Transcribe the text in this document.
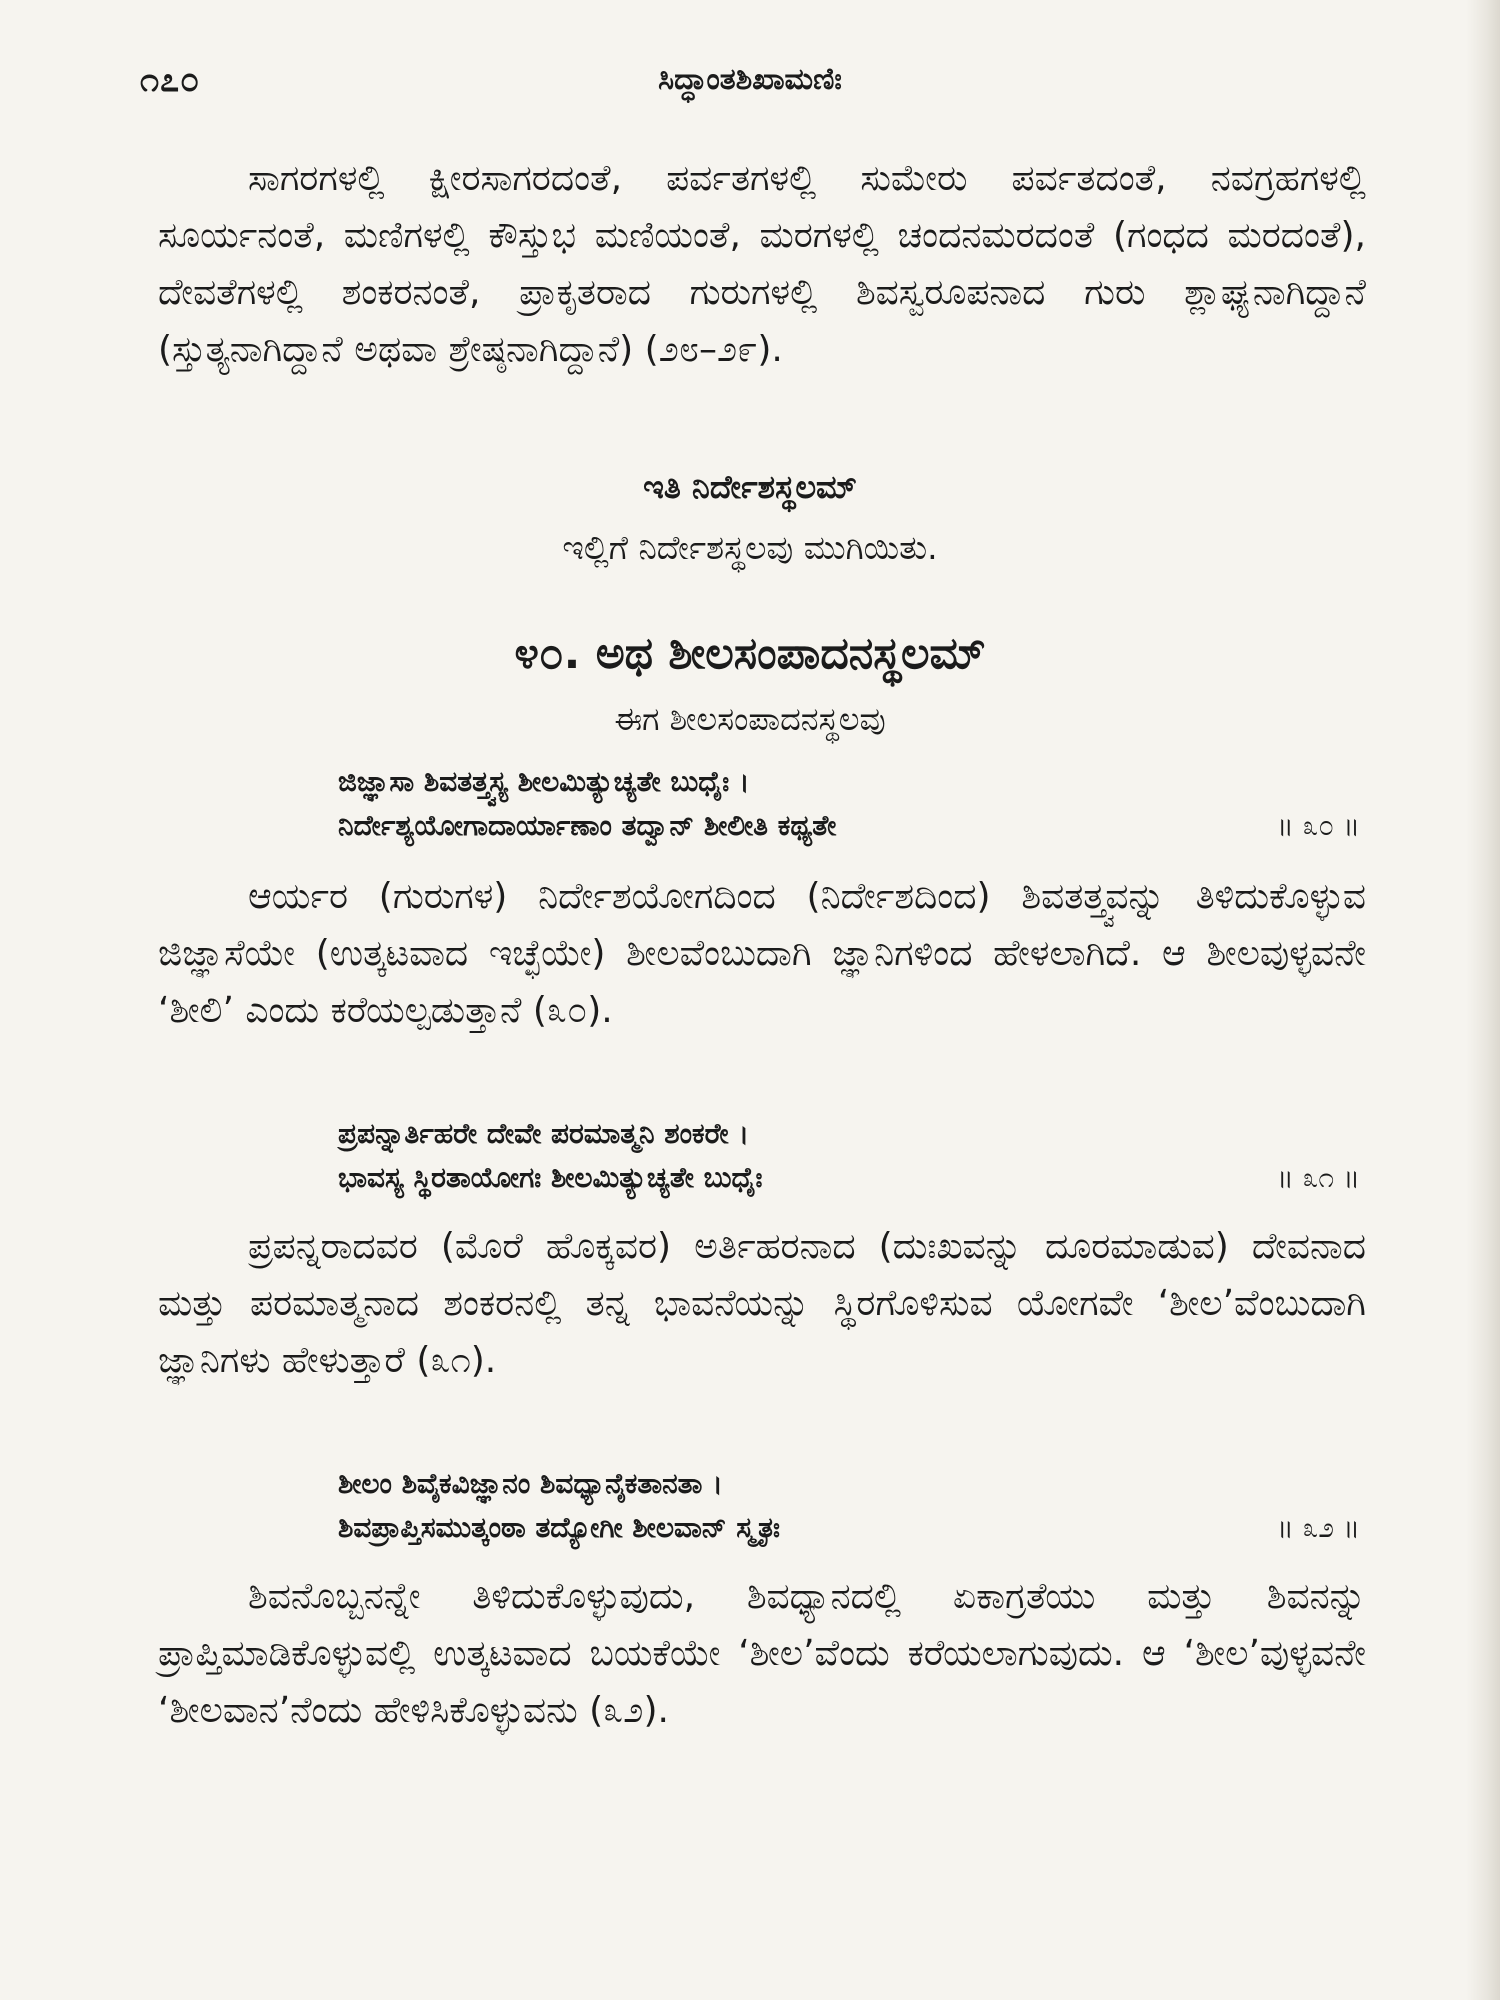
೧೭೦	ಸಿದ್ಧಾಂತಶಿಖಾಮಣಿಃ

ಸಾಗರಗಳಲ್ಲಿ ಕ್ಷೀರಸಾಗರದಂತೆ, ಪರ್ವತಗಳಲ್ಲಿ ಸುಮೇರು ಪರ್ವತದಂತೆ, ನವಗ್ರಹಗಳಲ್ಲಿ ಸೂರ್ಯನಂತೆ, ಮಣಿಗಳಲ್ಲಿ ಕೌಸ್ತುಭ ಮಣಿಯಂತೆ, ಮರಗಳಲ್ಲಿ ಚಂದನಮರದಂತೆ (ಗಂಧದ ಮರದಂತೆ), ದೇವತೆಗಳಲ್ಲಿ ಶಂಕರನಂತೆ, ಪ್ರಾಕೃತರಾದ ಗುರುಗಳಲ್ಲಿ ಶಿವಸ್ವರೂಪನಾದ ಗುರು ಶ್ಲಾಘ್ಯನಾಗಿದ್ದಾನೆ (ಸ್ತುತ್ಯನಾಗಿದ್ದಾನೆ ಅಥವಾ ಶ್ರೇಷ್ಠನಾಗಿದ್ದಾನೆ) (೨೮–೨೯).

ಇತಿ ನಿರ್ದೇಶಸ್ಥಲಮ್

ಇಲ್ಲಿಗೆ ನಿರ್ದೇಶಸ್ಥಲವು ಮುಗಿಯಿತು.

೪೦. ಅಥ ಶೀಲಸಂಪಾದನಸ್ಥಲಮ್

ಈಗ ಶೀಲಸಂಪಾದನಸ್ಥಲವು

ಜಿಜ್ಞಾಸಾ ಶಿವತತ್ತ್ವಸ್ಯ ಶೀಲಮಿತ್ಯುಚ್ಯತೇ ಬುಧೈಃ ।
ನಿರ್ದೇಶ್ಯಯೋಗಾದಾರ್ಯಾಣಾಂ ತದ್ವಾನ್ ಶೀಲೀತಿ ಕಥ್ಯತೇ	॥ ೩೦ ॥

ಆರ್ಯರ (ಗುರುಗಳ) ನಿರ್ದೇಶಯೋಗದಿಂದ (ನಿರ್ದೇಶದಿಂದ) ಶಿವತತ್ತ್ವವನ್ನು ತಿಳಿದುಕೊಳ್ಳುವ ಜಿಜ್ಞಾಸೆಯೇ (ಉತ್ಕಟವಾದ ಇಚ್ಛೆಯೇ) ಶೀಲವೆಂಬುದಾಗಿ ಜ್ಞಾನಿಗಳಿಂದ ಹೇಳಲಾಗಿದೆ. ಆ ಶೀಲವುಳ್ಳವನೇ ‘ಶೀಲಿ’ ಎಂದು ಕರೆಯಲ್ಪಡುತ್ತಾನೆ (೩೦).

ಪ್ರಪನ್ನಾರ್ತಿಹರೇ ದೇವೇ ಪರಮಾತ್ಮನಿ ಶಂಕರೇ ।
ಭಾವಸ್ಯ ಸ್ಥಿರತಾಯೋಗಃ ಶೀಲಮಿತ್ಯುಚ್ಯತೇ ಬುಧೈಃ	॥ ೩೧ ॥

ಪ್ರಪನ್ನರಾದವರ (ಮೊರೆ ಹೊಕ್ಕವರ) ಅರ್ತಿಹರನಾದ (ದುಃಖವನ್ನು ದೂರಮಾಡುವ) ದೇವನಾದ ಮತ್ತು ಪರಮಾತ್ಮನಾದ ಶಂಕರನಲ್ಲಿ ತನ್ನ ಭಾವನೆಯನ್ನು ಸ್ಥಿರಗೊಳಿಸುವ ಯೋಗವೇ ‘ಶೀಲ’ವೆಂಬುದಾಗಿ ಜ್ಞಾನಿಗಳು ಹೇಳುತ್ತಾರೆ (೩೧).

ಶೀಲಂ ಶಿವೈಕವಿಜ್ಞಾನಂ ಶಿವಧ್ಯಾನೈಕತಾನತಾ ।
ಶಿವಪ್ರಾಪ್ತಿಸಮುತ್ಕಂಠಾ ತದ್ಯೋಗೀ ಶೀಲವಾನ್ ಸ್ಮೃತಃ	॥ ೩೨ ॥

ಶಿವನೊಬ್ಬನನ್ನೇ ತಿಳಿದುಕೊಳ್ಳುವುದು, ಶಿವಧ್ಯಾನದಲ್ಲಿ ಏಕಾಗ್ರತೆಯು ಮತ್ತು ಶಿವನನ್ನು ಪ್ರಾಪ್ತಿಮಾಡಿಕೊಳ್ಳುವಲ್ಲಿ ಉತ್ಕಟವಾದ ಬಯಕೆಯೇ ‘ಶೀಲ’ವೆಂದು ಕರೆಯಲಾಗುವುದು. ಆ ‘ಶೀಲ’ವುಳ್ಳವನೇ ‘ಶೀಲವಾನ’ನೆಂದು ಹೇಳಿಸಿಕೊಳ್ಳುವನು (೩೨).
